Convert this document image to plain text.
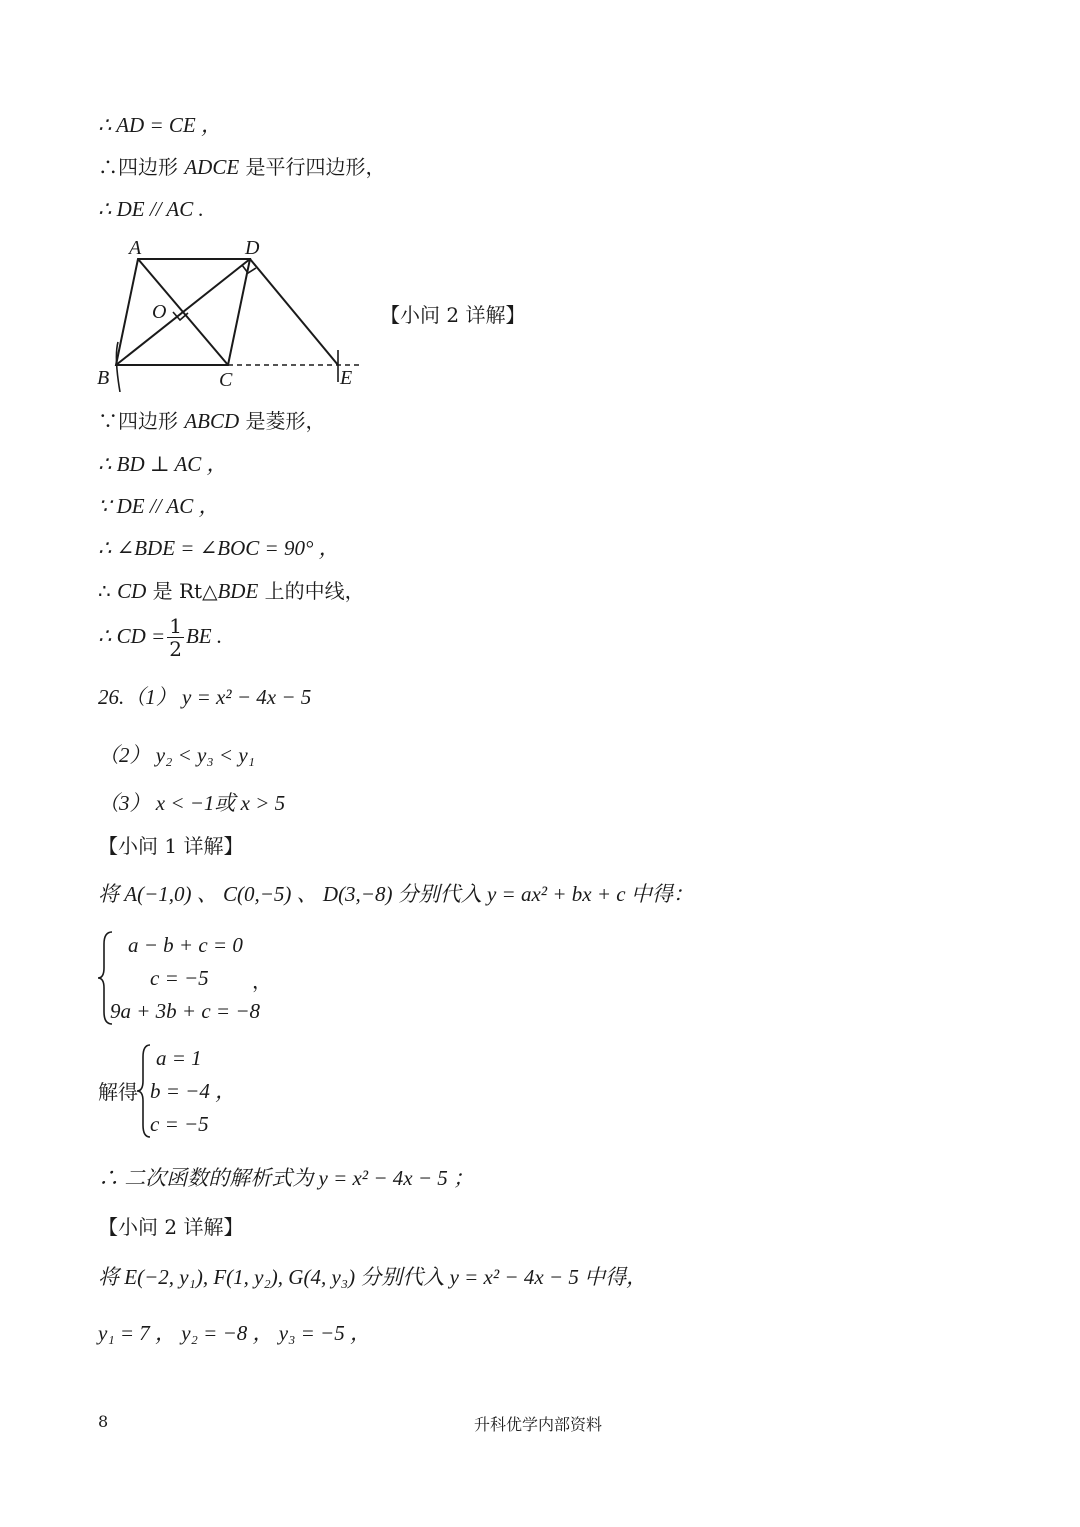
∴ AD = CE ，
∴四边形 ADCE 是平行四边形，
∴ DE // AC .
A	D
O
B	C	E
【小问 2 详解】
∵四边形 ABCD 是菱形，
∴ BD ⊥ AC ，
∵ DE // AC ，
∴ ∠BDE = ∠BOC = 90° ，
∴ CD 是 Rt△BDE 上的中线，
∴ CD = $\frac{1}{2}$ BE .
26.（1） y = x² − 4x − 5
（2） y₂ < y₃ < y₁
（3） x < −1或 x > 5
【小问 1 详解】
将 A(−1,0) 、 C(0,−5) 、 D(3,−8) 分别代入 y = ax² + bx + c 中得：
a − b + c = 0
c = −5
9a + 3b + c = −8
，
解得
a = 1
b = −4 ，
c = −5
∴ 二次函数的解析式为 y = x² − 4x − 5 ；
【小问 2 详解】
将 E(−2, y₁), F(1, y₂), G(4, y₃) 分别代入 y = x² − 4x − 5 中得，
y₁ = 7 ， y₂ = −8 ， y₃ = −5 ，
8	升科优学内部资料
